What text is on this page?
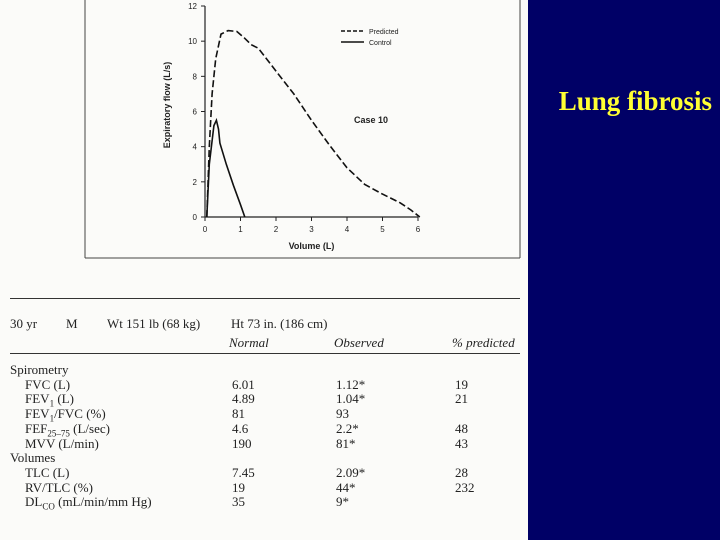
0
2
4
6
8
10
12
0	1	2	3	4	5	6
Volume (L)
Expiratory flow (L/s)	Case 10
Predicted
Control
30 yr M Wt 151 lb (68 kg) Ht 73 in. (186 cm)
Normal	Observed	% predicted
Spirometry
FVC (L)	6.01	1.12*	19
$FEV_1$ (L)	4.89	1.04*	21
$FEV_1$/FVC (%)	81	93
$FEF_{25-75}$ (L/sec)	4.6	2.2*	48
MVV (L/min)	190	81*	43
Volumes
TLC (L)	7.45	2.09*	28
RV/TLC (%)	19	44*	232
$DL_{CO}$ (mL/min/mm Hg)	35	9*
Lung fibrosis
